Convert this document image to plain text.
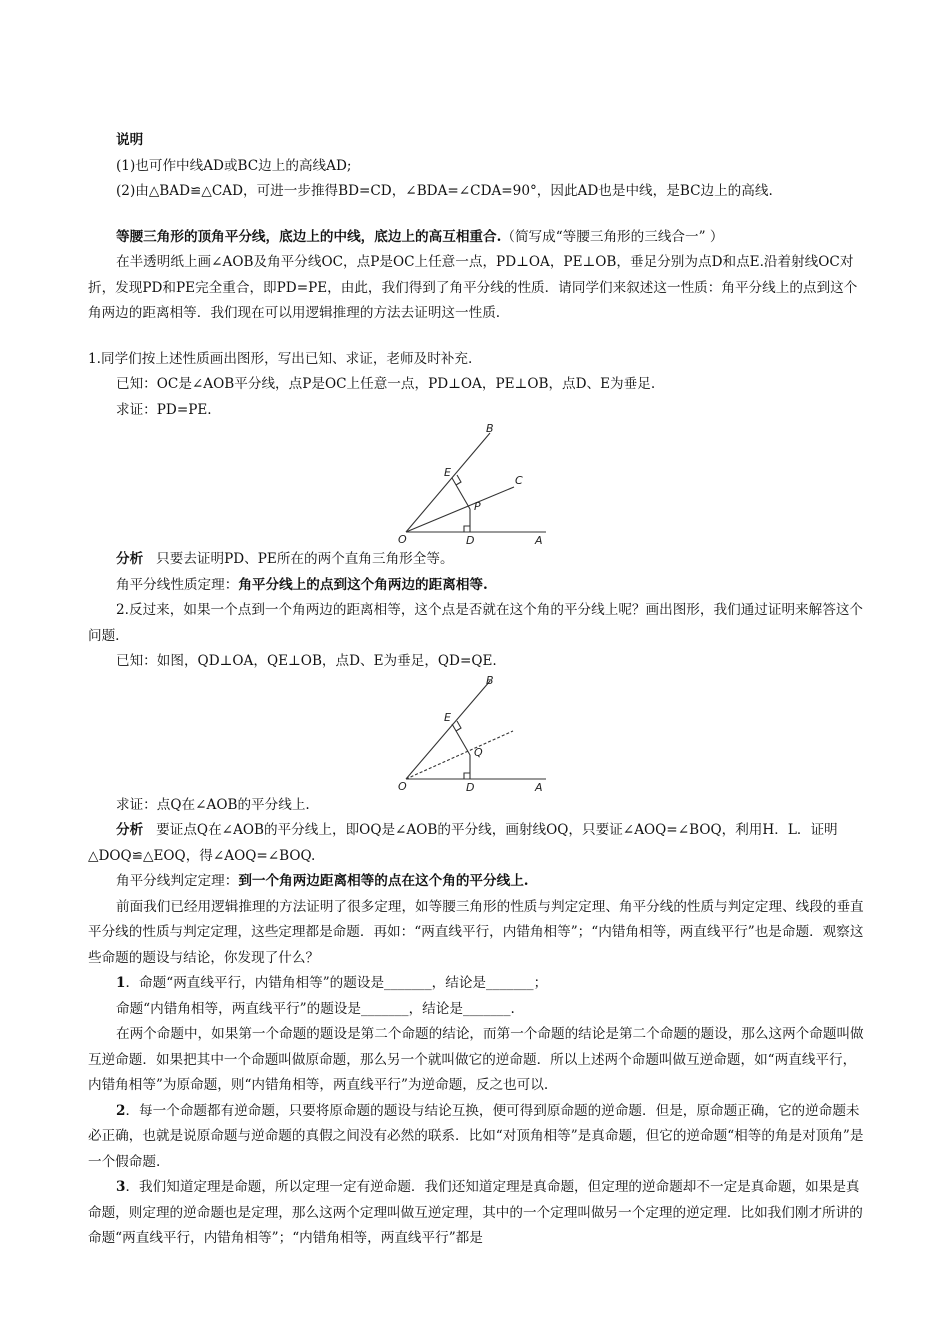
说明

(1)也可作中线AD或BC边上的高线AD;

(2)由△BAD≌△CAD，可进一步推得BD=CD，∠BDA=∠CDA=90°，因此AD也是中线，是BC边上的高线.

等腰三角形的顶角平分线，底边上的中线，底边上的高互相重合.（简写成“等腰三角形的三线合一” ）

在半透明纸上画∠AOB及角平分线OC，点P是OC上任意一点，PD⊥OA，PE⊥OB，垂足分别为点D和点E.沿着射线OC对折，发现PD和PE完全重合，即PD=PE，由此，我们得到了角平分线的性质．请同学们来叙述这一性质：角平分线上的点到这个角两边的距离相等．我们现在可以用逻辑推理的方法去证明这一性质.

1.同学们按上述性质画出图形，写出已知、求证，老师及时补充.

已知：OC是∠AOB平分线，点P是OC上任意一点，PD⊥OA，PE⊥OB，点D、E为垂足.

求证：PD=PE.

B
C
E
P
O	D	A

分析 只要去证明PD、PE所在的两个直角三角形全等。

角平分线性质定理：角平分线上的点到这个角两边的距离相等.

2.反过来，如果一个点到一个角两边的距离相等，这个点是否就在这个角的平分线上呢？画出图形，我们通过证明来解答这个问题.

已知：如图，QD⊥OA，QE⊥OB，点D、E为垂足，QD=QE.

B
E
Q
O	D	A

求证：点Q在∠AOB的平分线上.

分析 要证点Q在∠AOB的平分线上，即OQ是∠AOB的平分线，画射线OQ，只要证∠AOQ=∠BOQ，利用H．L．证明△DOQ≌△EOQ，得∠AOQ=∠BOQ.

角平分线判定定理：到一个角两边距离相等的点在这个角的平分线上.

前面我们已经用逻辑推理的方法证明了很多定理，如等腰三角形的性质与判定定理、角平分线的性质与判定定理、线段的垂直平分线的性质与判定定理，这些定理都是命题．再如：“两直线平行，内错角相等”；“内错角相等，两直线平行”也是命题．观察这些命题的题设与结论，你发现了什么？

1．命题“两直线平行，内错角相等”的题设是_______，结论是_______；

命题“内错角相等，两直线平行”的题设是_______，结论是_______.

在两个命题中，如果第一个命题的题设是第二个命题的结论，而第一个命题的结论是第二个命题的题设，那么这两个命题叫做互逆命题．如果把其中一个命题叫做原命题，那么另一个就叫做它的逆命题．所以上述两个命题叫做互逆命题，如“两直线平行，内错角相等”为原命题，则“内错角相等，两直线平行”为逆命题，反之也可以.

2．每一个命题都有逆命题，只要将原命题的题设与结论互换，便可得到原命题的逆命题．但是，原命题正确，它的逆命题未必正确，也就是说原命题与逆命题的真假之间没有必然的联系．比如“对顶角相等”是真命题，但它的逆命题“相等的角是对顶角”是一个假命题.

3．我们知道定理是命题，所以定理一定有逆命题．我们还知道定理是真命题，但定理的逆命题却不一定是真命题，如果是真命题，则定理的逆命题也是定理，那么这两个定理叫做互逆定理，其中的一个定理叫做另一个定理的逆定理．比如我们刚才所讲的命题“两直线平行，内错角相等”；“内错角相等，两直线平行”都是
